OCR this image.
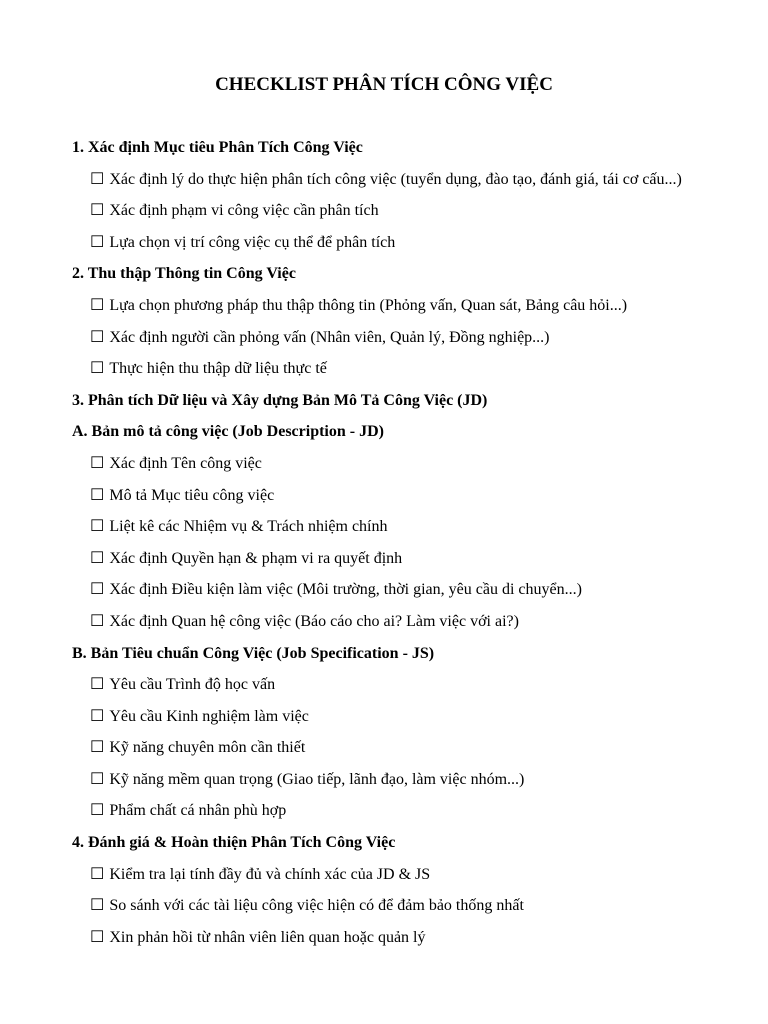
CHECKLIST PHÂN TÍCH CÔNG VIỆC
1. Xác định Mục tiêu Phân Tích Công Việc
☐ Xác định lý do thực hiện phân tích công việc (tuyển dụng, đào tạo, đánh giá, tái cơ cấu...)
☐ Xác định phạm vi công việc cần phân tích
☐ Lựa chọn vị trí công việc cụ thể để phân tích
2. Thu thập Thông tin Công Việc
☐ Lựa chọn phương pháp thu thập thông tin (Phỏng vấn, Quan sát, Bảng câu hỏi...)
☐ Xác định người cần phỏng vấn (Nhân viên, Quản lý, Đồng nghiệp...)
☐ Thực hiện thu thập dữ liệu thực tế
3. Phân tích Dữ liệu và Xây dựng Bản Mô Tả Công Việc (JD)
A. Bản mô tả công việc (Job Description - JD)
☐ Xác định Tên công việc
☐ Mô tả Mục tiêu công việc
☐ Liệt kê các Nhiệm vụ & Trách nhiệm chính
☐ Xác định Quyền hạn & phạm vi ra quyết định
☐ Xác định Điều kiện làm việc (Môi trường, thời gian, yêu cầu di chuyển...)
☐ Xác định Quan hệ công việc (Báo cáo cho ai? Làm việc với ai?)
B. Bản Tiêu chuẩn Công Việc (Job Specification - JS)
☐ Yêu cầu Trình độ học vấn
☐ Yêu cầu Kinh nghiệm làm việc
☐ Kỹ năng chuyên môn cần thiết
☐ Kỹ năng mềm quan trọng (Giao tiếp, lãnh đạo, làm việc nhóm...)
☐ Phẩm chất cá nhân phù hợp
4. Đánh giá & Hoàn thiện Phân Tích Công Việc
☐ Kiểm tra lại tính đầy đủ và chính xác của JD & JS
☐ So sánh với các tài liệu công việc hiện có để đảm bảo thống nhất
☐ Xin phản hồi từ nhân viên liên quan hoặc quản lý
